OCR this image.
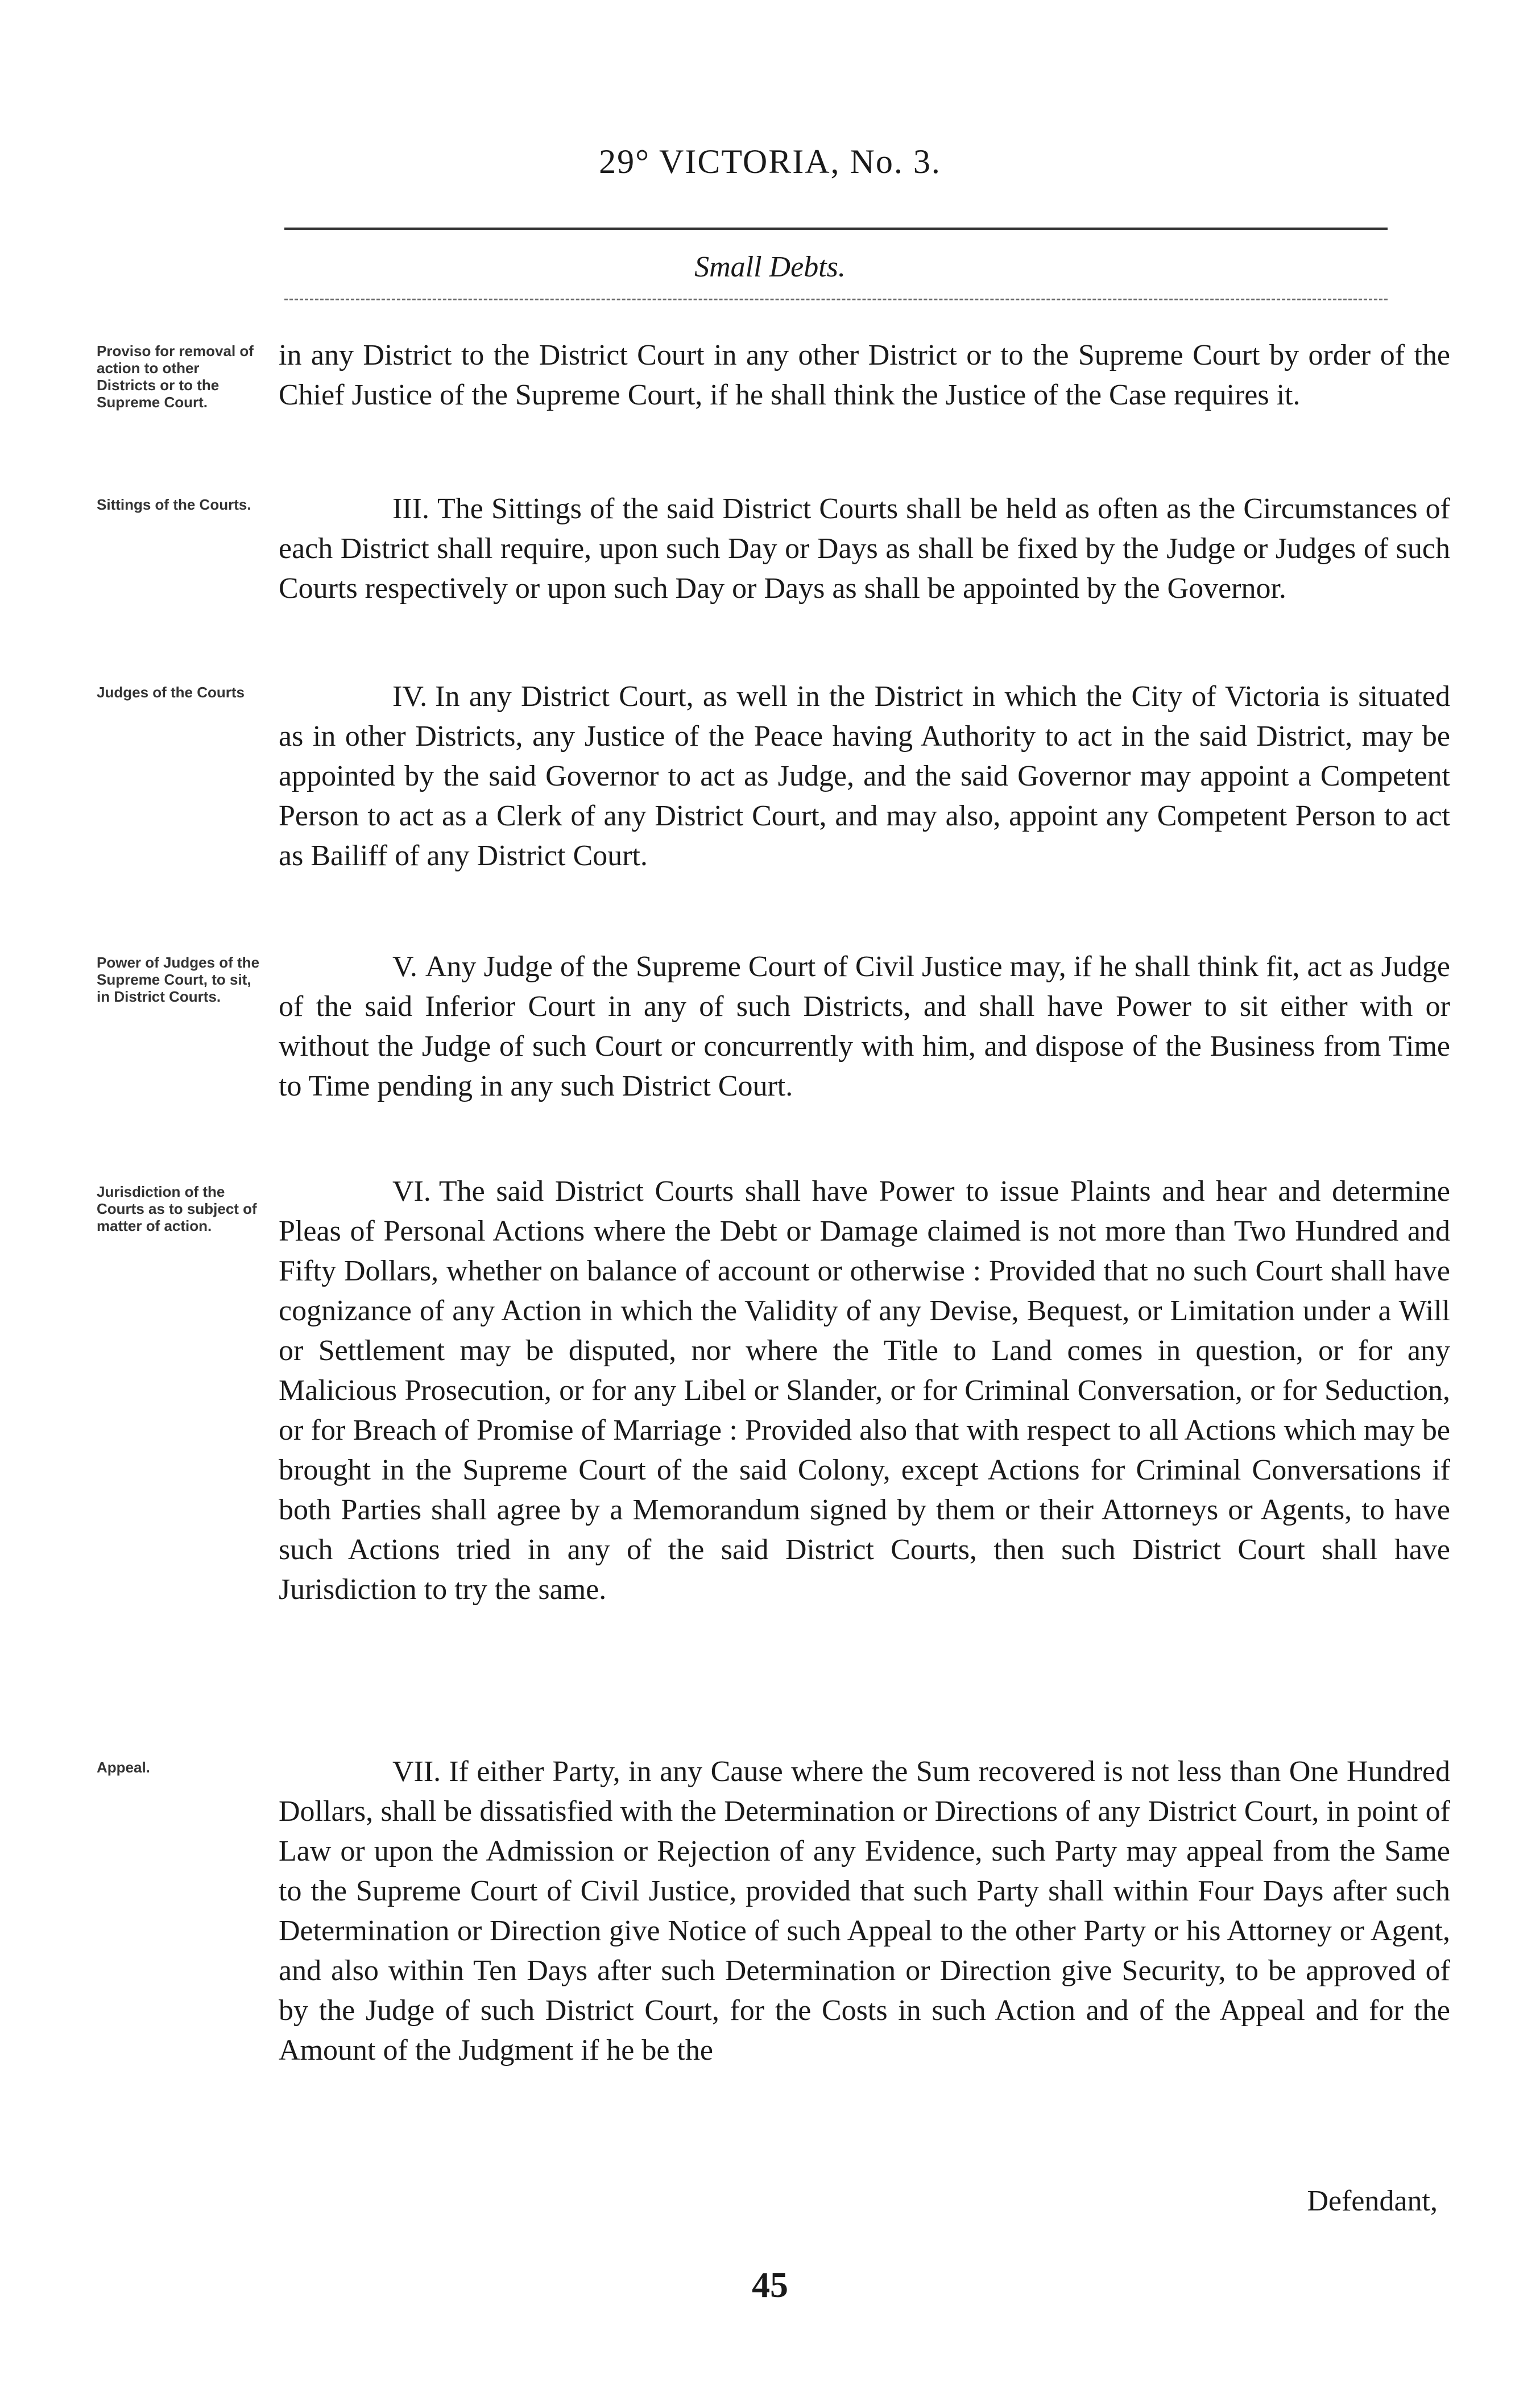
29° VICTORIA, No. 3.
Small Debts.
Proviso for removal of action to other Districts or to the Supreme Court.

in any District to the District Court in any other District or to the Supreme Court by order of the Chief Justice of the Supreme Court, if he shall think the Justice of the Case requires it.

Sittings of the Courts.	III. The Sittings of the said District Courts shall be held as often as the Circumstances of each District shall require, upon such Day or Days as shall be fixed by the Judge or Judges of such Courts respectively or upon such Day or Days as shall be appointed by the Governor.

Judges of the Courts	IV. In any District Court, as well in the District in which the City of Victoria is situated as in other Districts, any Justice of the Peace having Authority to act in the said District, may be appointed by the said Governor to act as Judge, and the said Governor may appoint a Competent Person to act as a Clerk of any District Court, and may also, appoint any Competent Person to act as Bailiff of any District Court.

Power of Judges of the Supreme Court, to sit, in District Courts.

V. Any Judge of the Supreme Court of Civil Justice may, if he shall think fit, act as Judge of the said Inferior Court in any of such Districts, and shall have Power to sit either with or without the Judge of such Court or concurrently with him, and dispose of the Business from Time to Time pending in any such District Court.

Jurisdiction of the Courts as to subject of matter of action.

VI. The said District Courts shall have Power to issue Plaints and hear and determine Pleas of Personal Actions where the Debt or Damage claimed is not more than Two Hundred and Fifty Dollars, whether on balance of account or otherwise : Provided that no such Court shall have cognizance of any Action in which the Validity of any Devise, Bequest, or Limitation under a Will or Settlement may be disputed, nor where the Title to Land comes in question, or for any Malicious Prosecution, or for any Libel or Slander, or for Criminal Conversation, or for Seduction, or for Breach of Promise of Marriage : Provided also that with respect to all Actions which may be brought in the Supreme Court of the said Colony, except Actions for Criminal Conversations if both Parties shall agree by a Memorandum signed by them or their Attorneys or Agents, to have such Actions tried in any of the said District Courts, then such District Court shall have Jurisdiction to try the same.

Appeal.	VII. If either Party, in any Cause where the Sum recovered is not less than One Hundred Dollars, shall be dissatisfied with the Determination or Directions of any District Court, in point of Law or upon the Admission or Rejection of any Evidence, such Party may appeal from the Same to the Supreme Court of Civil Justice, provided that such Party shall within Four Days after such Determination or Direction give Notice of such Appeal to the other Party or his Attorney or Agent, and also within Ten Days after such Determination or Direction give Security, to be approved of by the Judge of such District Court, for the Costs in such Action and of the Appeal and for the Amount of the Judgment if he be the

Defendant,
45
